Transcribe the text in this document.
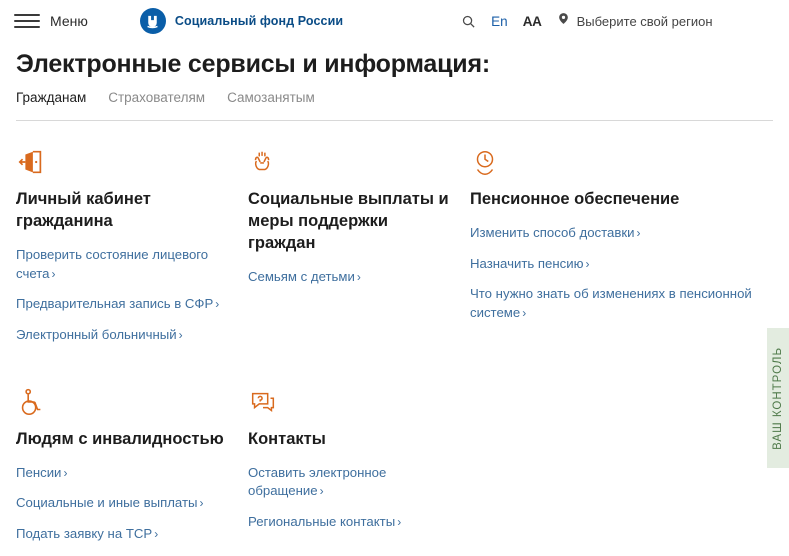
Меню	Социальный фонд России	En AA	Выберите свой регион
Электронные сервисы и информация:
Гражданам Страхователям Самозанятым
Личный кабинет гражданина
Проверить состояние лицевого счета ›
Предварительная запись в СФР ›
Электронный больничный ›
Социальные выплаты и меры поддержки граждан
Семьям с детьми ›
Пенсионное обеспечение
Изменить способ доставки ›
Назначить пенсию ›
Что нужно знать об изменениях в пенсионной системе ›
Людям с инвалидностью
Пенсии ›
Социальные и иные выплаты ›
Подать заявку на ТСР ›
Контакты
Оставить электронное обращение ›
Региональные контакты ›
ВАШ КОНТРОЛЬ
